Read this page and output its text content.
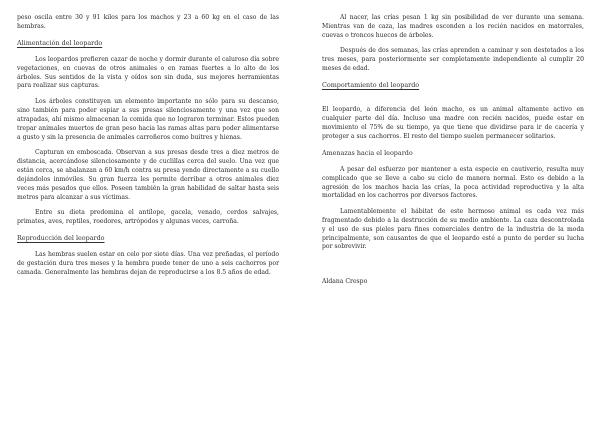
peso oscila entre 30 y 91 kilos para los machos y 23 a 60 kg en el caso de las hembras.

Alimentación del leopardo

Los leopardos prefieren cazar de noche y dormir durante el caluroso día sobre vegetaciones, en cuevas de otros animales o en ramas fuertes a lo alto de los árboles. Sus sentidos de la vista y oídos son sin duda, sus mejores herramientas para realizar sus capturas.

Los árboles constituyen un elemento importante no sólo para su descanso, sino también para poder espiar a sus presas silenciosamente y una vez que son atrapadas, ahí mismo almacenan la comida que no lograron terminar. Estos pueden trepar animales muertos de gran peso hacia las ramas altas para poder alimentarse a gusto y sin la presencia de animales carroñeros como buitres y hienas.

Capturan en emboscada. Observan a sus presas desde tres a diez metros de distancia, acercándose silenciosamente y de cuclillas cerca del suelo. Una vez que están cerca, se abalanzan a 60 km/h contra su presa yendo directamente a su cuello dejándolos inmóviles. Su gran fuerza les permite derribar a otros animales diez veces más pesados que ellos. Poseen también la gran habilidad de saltar hasta seis metros para alcanzar a sus víctimas.

Entre su dieta predomina el antílope, gacela, venado, cerdos salvajes, primates, aves, reptiles, roedores, artrópodos y algunas veces, carroña.

Reproducción del leopardo

Las hembras suelen estar en celo por siete días. Una vez preñadas, el período de gestación dura tres meses y la hembra puede tener de uno a seis cachorros por camada. Generalmente las hembras dejan de reproducirse a los 8.5 años de edad.

Al nacer, las crías pesan 1 kg sin posibilidad de ver durante una semana. Mientras van de caza, las madres esconden a los recién nacidos en matorrales, cuevas o troncos huecos de árboles.

Después de dos semanas, las crías aprenden a caminar y son destetados a los tres meses, para posteriormente ser completamente independiente al cumplir 20 meses de edad.

Comportamiento del leopardo

El leopardo, a diferencia del león macho, es un animal altamente activo en cualquier parte del día. Incluso una madre con recién nacidos, puede estar en movimiento el 75% de su tiempo, ya que tiene que dividirse para ir de cacería y proteger a sus cachorros. El resto del tiempo suelen permanecer solitarios.

Amenazas hacia el leopardo

A pesar del esfuerzo por mantener a esta especie en cautiverio, resulta muy complicado que se lleve a cabo su ciclo de manera normal. Esto es debido a la agresión de los machos hacia las crías, la poca actividad reproductiva y la alta mortalidad en los cachorros por diversos factores.

Lamentablemente el hábitat de este hermoso animal es cada vez más fragmentado debido a la destrucción de su medio ambiente. La caza descontrolada y el uso de sus pieles para fines comerciales dentro de la industria de la moda principalmente, son causantes de que el leopardo esté a punto de perder su lucha por sobrevivir.

Aldana Crespo
